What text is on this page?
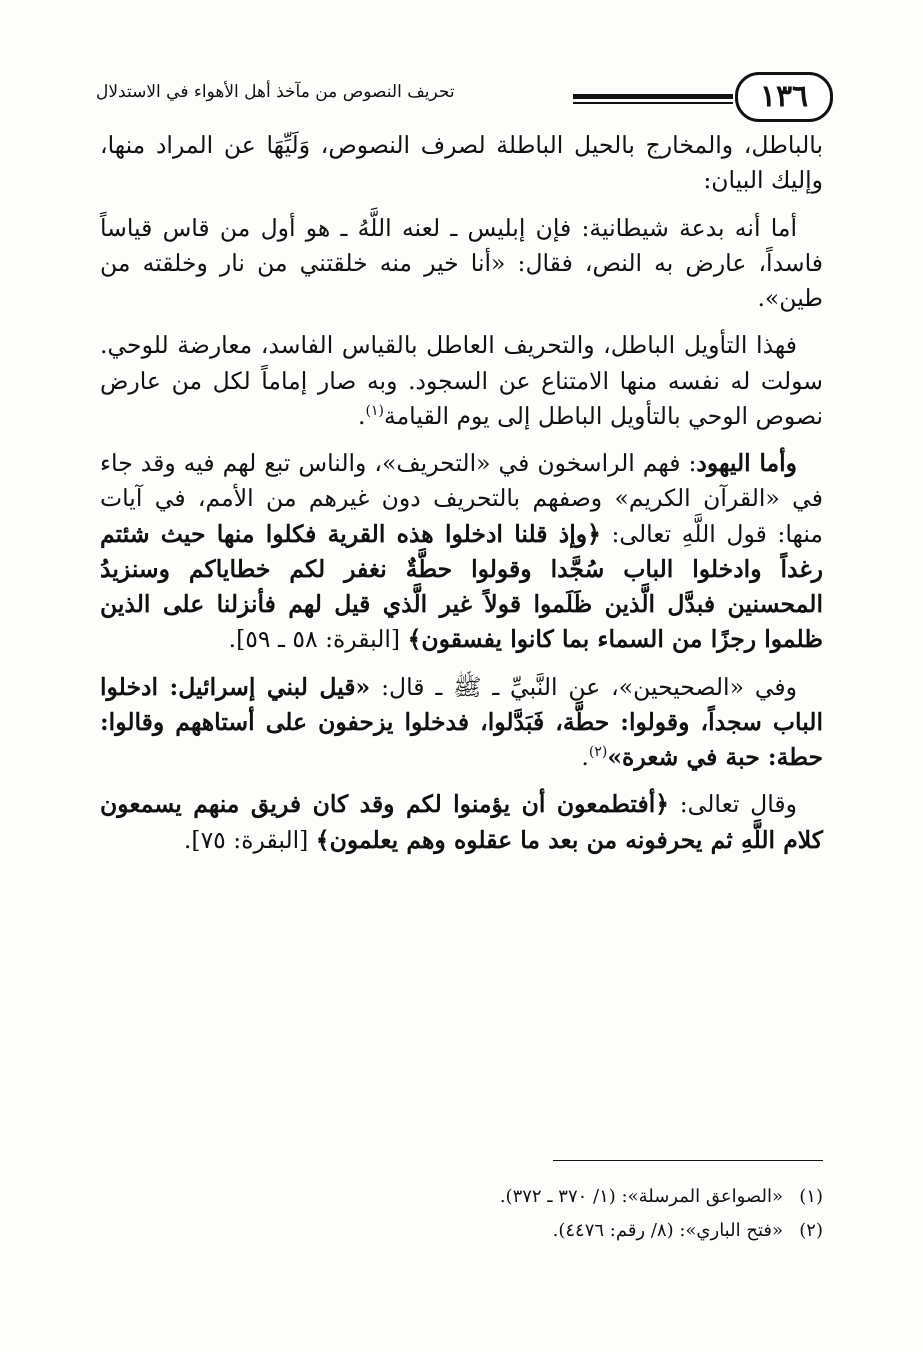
١٣٦
تحريف النصوص من مآخذ أهل الأهواء في الاستدلال

بالباطل، والمخارج بالحيل الباطلة لصرف النصوص، وَلَيِّهَا عن المراد منها، وإليك البيان:

أما أنه بدعة شيطانية: فإن إبليس ـ لعنه اللَّهُ ـ هو أول من قاس قياساً فاسداً، عارض به النص، فقال: «أنا خير منه خلقتني من نار وخلقته من طين».

فهذا التأويل الباطل، والتحريف العاطل بالقياس الفاسد، معارضة للوحي. سولت له نفسه منها الامتناع عن السجود. وبه صار إماماً لكل من عارض نصوص الوحي بالتأويل الباطل إلى يوم القيامة$^{(١)}$.

وأما اليهود: فهم الراسخون في «التحريف»، والناس تبع لهم فيه وقد جاء في «القرآن الكريم» وصفهم بالتحريف دون غيرهم من الأمم، في آيات منها: قول اللَّهِ تعالى: ﴿وإذ قلنا ادخلوا هذه القرية فكلوا منها حيث شئتم رغداً وادخلوا الباب سُجَّدا وقولوا حطَّةٌ نغفر لكم خطاياكم وسنزيدُ المحسنين فبدَّل الَّذين ظَلَموا قولاً غير الَّذي قيل لهم فأنزلنا على الذين ظلموا رجزًا من السماء بما كانوا يفسقون﴾ [البقرة: ٥٨ ـ ٥٩].

وفي «الصحيحين»، عن النَّبيِّ ـ ﷺ ـ قال: «قيل لبني إسرائيل: ادخلوا الباب سجداً، وقولوا: حطَّة، فَبَدَّلوا، فدخلوا يزحفون على أستاههم وقالوا: حطة: حبة في شعرة»$^{(٢)}$.

وقال تعالى: ﴿أفتطمعون أن يؤمنوا لكم وقد كان فريق منهم يسمعون كلام اللَّهِ ثم يحرفونه من بعد ما عقلوه وهم يعلمون﴾ [البقرة: ٧٥].

(١)«الصواعق المرسلة»: (١/ ٣٧٠ ـ ٣٧٢).
(٢)«فتح الباري»: (٨/ رقم: ٤٤٧٦).
